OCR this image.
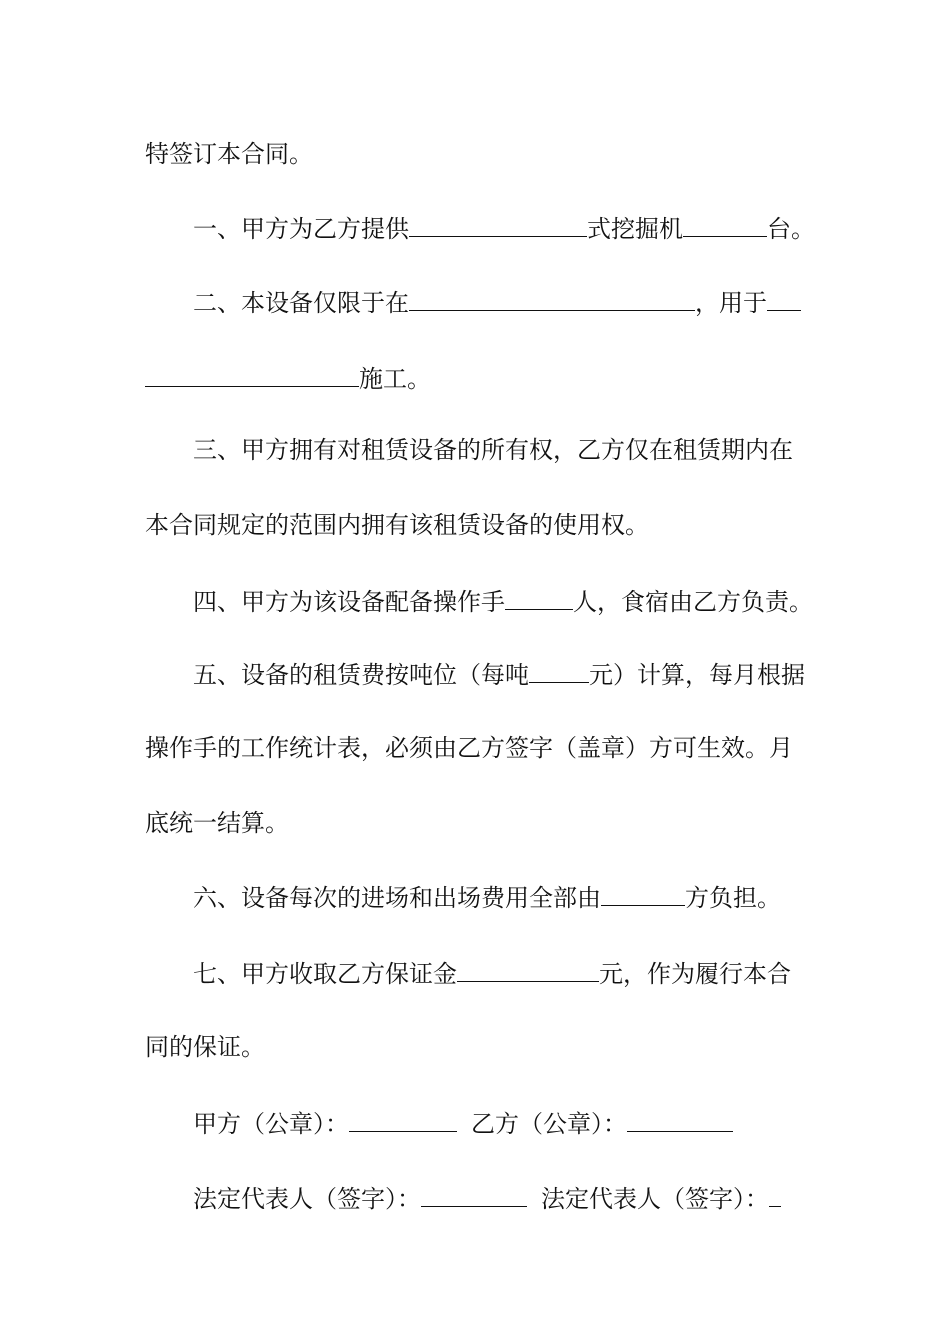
特签订本合同。
一、甲方为乙方提供	式挖掘机	台。
二、本设备仅限于在	，用于
施工。
三、甲方拥有对租赁设备的所有权，乙方仅在租赁期内在
本合同规定的范围内拥有该租赁设备的使用权。
四、甲方为该设备配备操作手	人，食宿由乙方负责。
五、设备的租赁费按吨位（每吨	元）计算，每月根据
操作手的工作统计表，必须由乙方签字（盖章）方可生效。月
底统一结算。
六、设备每次的进场和出场费用全部由	方负担。
七、甲方收取乙方保证金	元，作为履行本合
同的保证。
甲方（公章）：	乙方（公章）：
法定代表人（签字）：	法定代表人（签字）：
